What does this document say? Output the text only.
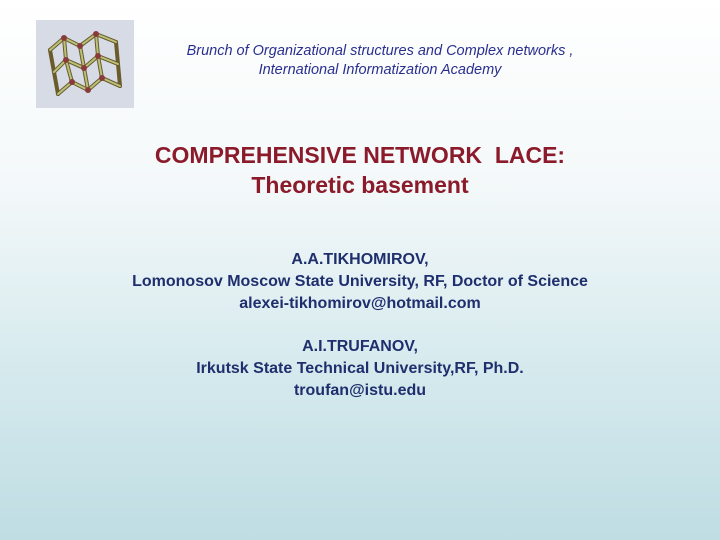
Brunch of Organizational structures and Complex networks ,
International Informatization Academy
COMPREHENSIVE NETWORK  LACE:
Theoretic basement
A.A.TIKHOMIROV,
Lomonosov Moscow State University, RF, Doctor of Science
alexei-tikhomirov@hotmail.com
A.I.TRUFANOV,
Irkutsk State Technical University,RF, Ph.D.
troufan@istu.edu
